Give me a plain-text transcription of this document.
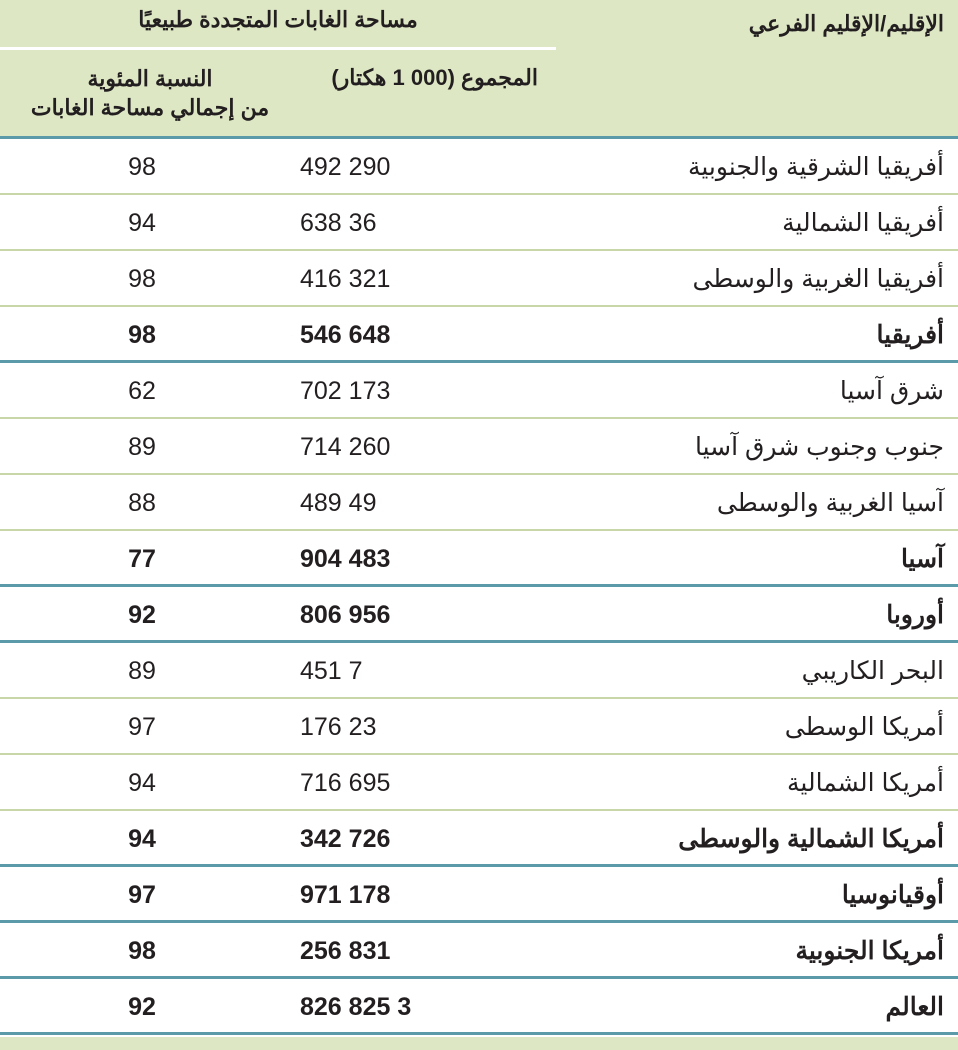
الإقليم/الإقليم الفرعي
مساحة الغابات المتجددة طبيعيًا
المجموع (000 1 هكتار)
النسبة المئوية
من إجمالي مساحة الغابات
أفريقيا الشرقية والجنوبية
290 492
98
أفريقيا الشمالية
36 638
94
أفريقيا الغربية والوسطى
321 416
98
أفريقيا
648 546
98
شرق آسيا
173 702
62
جنوب وجنوب شرق آسيا
260 714
89
آسيا الغربية والوسطى
49 489
88
آسيا
483 904
77
أوروبا
956 806
92
البحر الكاريبي
7 451
89
أمريكا الوسطى
23 176
97
أمريكا الشمالية
695 716
94
أمريكا الشمالية والوسطى
726 342
94
أوقيانوسيا
178 971
97
أمريكا الجنوبية
831 256
98
العالم
3 825 826
92
